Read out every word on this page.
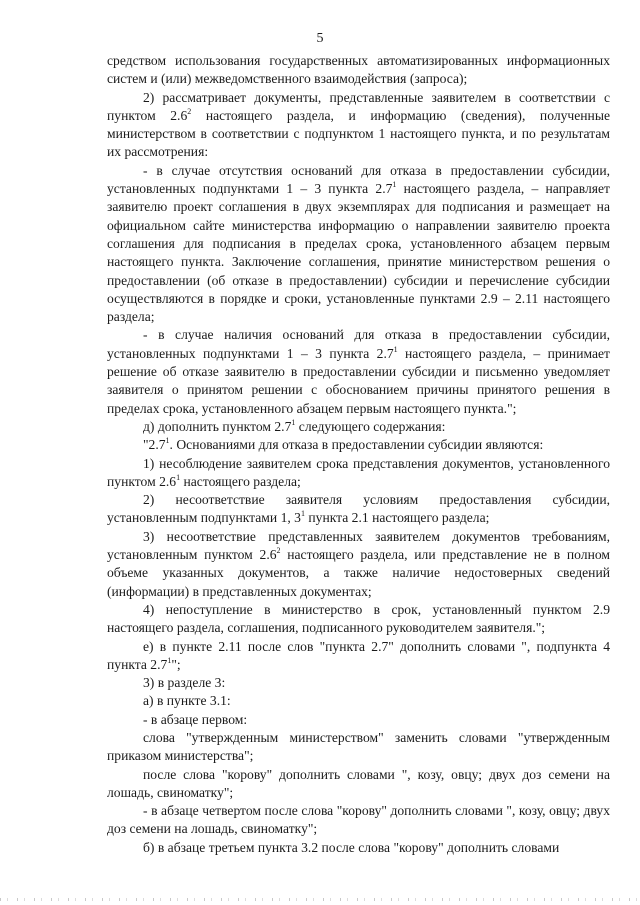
5

средством использования государственных автоматизированных информационных систем и (или) межведомственного взаимодействия (запроса);

2) рассматривает документы, представленные заявителем в соответствии с пунктом $2.6^2$ настоящего раздела, и информацию (сведения), полученные министерством в соответствии с подпунктом 1 настоящего пункта, и по результатам их рассмотрения:

- в случае отсутствия оснований для отказа в предоставлении субсидии, установленных подпунктами 1 – 3 пункта $2.7^1$ настоящего раздела, – направляет заявителю проект соглашения в двух экземплярах для подписания и размещает на официальном сайте министерства информацию о направлении заявителю проекта соглашения для подписания в пределах срока, установленного абзацем первым настоящего пункта. Заключение соглашения, принятие министерством решения о предоставлении (об отказе в предоставлении) субсидии и перечисление субсидии осуществляются в порядке и сроки, установленные пунктами 2.9 – 2.11 настоящего раздела;

- в случае наличия оснований для отказа в предоставлении субсидии, установленных подпунктами 1 – 3 пункта $2.7^1$ настоящего раздела, – принимает решение об отказе заявителю в предоставлении субсидии и письменно уведомляет заявителя о принятом решении с обоснованием причины принятого решения в пределах срока, установленного абзацем первым настоящего пункта.";

д) дополнить пунктом $2.7^1$ следующего содержания:

"$2.7^1$. Основаниями для отказа в предоставлении субсидии являются:

1) несоблюдение заявителем срока представления документов, установленного пунктом $2.6^1$ настоящего раздела;

2) несоответствие заявителя условиям предоставления субсидии, установленным подпунктами 1, $3^1$ пункта 2.1 настоящего раздела;

3) несоответствие представленных заявителем документов требованиям, установленным пунктом $2.6^2$ настоящего раздела, или представление не в полном объеме указанных документов, а также наличие недостоверных сведений (информации) в представленных документах;

4) непоступление в министерство в срок, установленный пунктом 2.9 настоящего раздела, соглашения, подписанного руководителем заявителя.";

е) в пункте 2.11 после слов "пункта 2.7" дополнить словами ", подпункта 4 пункта $2.7^1$";

3) в разделе 3:

а) в пункте 3.1:

- в абзаце первом:

слова "утвержденным министерством" заменить словами "утвержденным приказом министерства";

после слова "корову" дополнить словами ", козу, овцу; двух доз семени на лошадь, свиноматку";

- в абзаце четвертом после слова "корову" дополнить словами ", козу, овцу; двух доз семени на лошадь, свиноматку";

б) в абзаце третьем пункта 3.2 после слова "корову" дополнить словами
